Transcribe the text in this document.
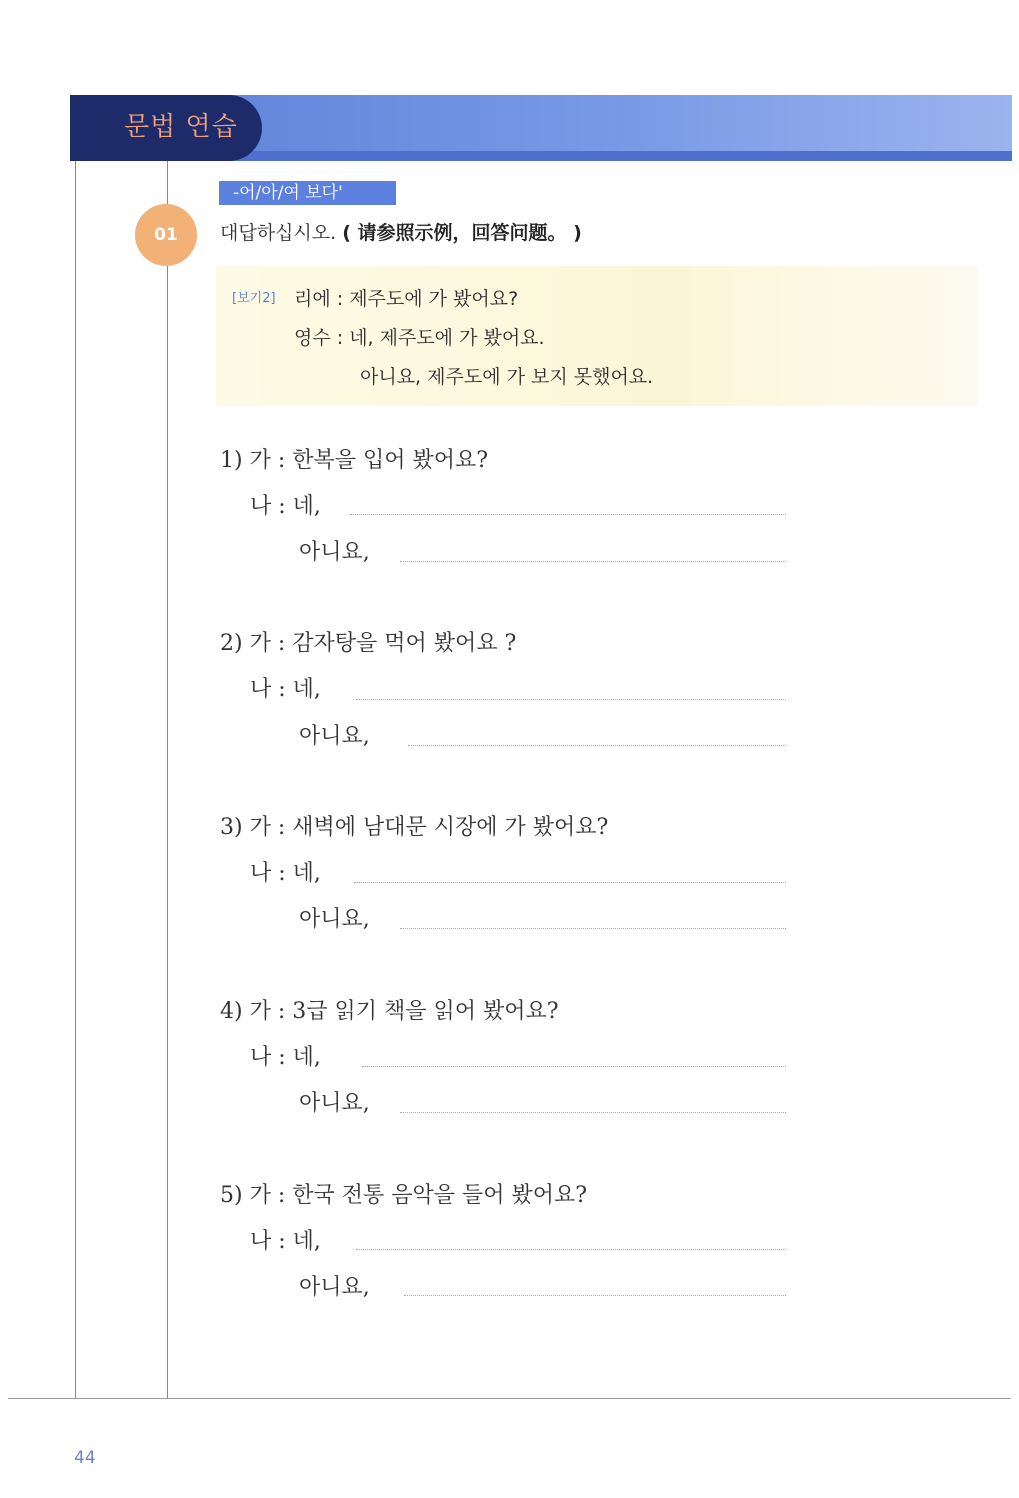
문법 연습
-어/아/여 보다'
01	대답하십시오. ( 请参照示例，回答问题。 )
[보기2] 리에 : 제주도에 가 봤어요?
영수 : 네, 제주도에 가 봤어요.
아니요, 제주도에 가 보지 못했어요.
1) 가 : 한복을 입어 봤어요?
나 : 네,
아니요,
2) 가 : 감자탕을 먹어 봤어요 ?
나 : 네,
아니요,
3) 가 : 새벽에 남대문 시장에 가 봤어요?
나 : 네,
아니요,
4) 가 : 3급 읽기 책을 읽어 봤어요?
나 : 네,
아니요,
5) 가 : 한국 전통 음악을 들어 봤어요?
나 : 네,
아니요,
44
